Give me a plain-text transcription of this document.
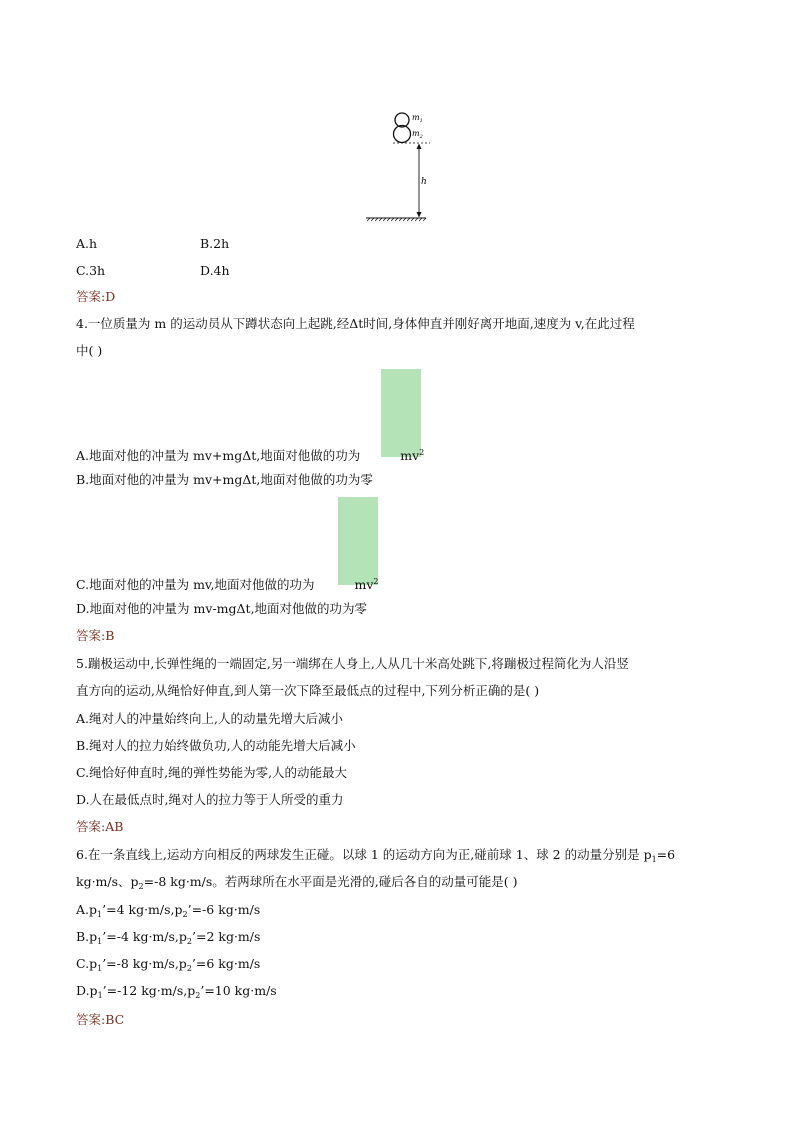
$m_1$
$m_2$
h
A.h	B.2h
C.3h	D.4h
答案:D
4.一位质量为 m 的运动员从下蹲状态向上起跳,经Δt时间,身体伸直并刚好离开地面,速度为 v,在此过程
中( )
A.地面对他的冲量为 mv+mgΔt,地面对他做的功为	$mv^2$
B.地面对他的冲量为 mv+mgΔt,地面对他做的功为零
C.地面对他的冲量为 mv,地面对他做的功为	$mv^2$
D.地面对他的冲量为 mv-mgΔt,地面对他做的功为零
答案:B
5.蹦极运动中,长弹性绳的一端固定,另一端绑在人身上,人从几十米高处跳下,将蹦极过程简化为人沿竖
直方向的运动,从绳恰好伸直,到人第一次下降至最低点的过程中,下列分析正确的是( )
A.绳对人的冲量始终向上,人的动量先增大后减小
B.绳对人的拉力始终做负功,人的动能先增大后减小
C.绳恰好伸直时,绳的弹性势能为零,人的动能最大
D.人在最低点时,绳对人的拉力等于人所受的重力
答案:AB
6.在一条直线上,运动方向相反的两球发生正碰。以球 1 的运动方向为正,碰前球 1、球 2 的动量分别是 $p_1=6$
kg·m/s、$p_2=-8$ kg·m/s。若两球所在水平面是光滑的,碰后各自的动量可能是( )
$A.p_1’=4$ $kg\cdot m/s,p_2’=-6$ kg·m/s
$B.p_1’=-4$ $kg\cdot m/s,p_2’=2$ kg·m/s
$C.p_1’=-8$ $kg\cdot m/s,p_2’=6$ kg·m/s
$D.p_1’=-12$ $kg\cdot m/s,p_2’=10$ kg·m/s
答案:BC
